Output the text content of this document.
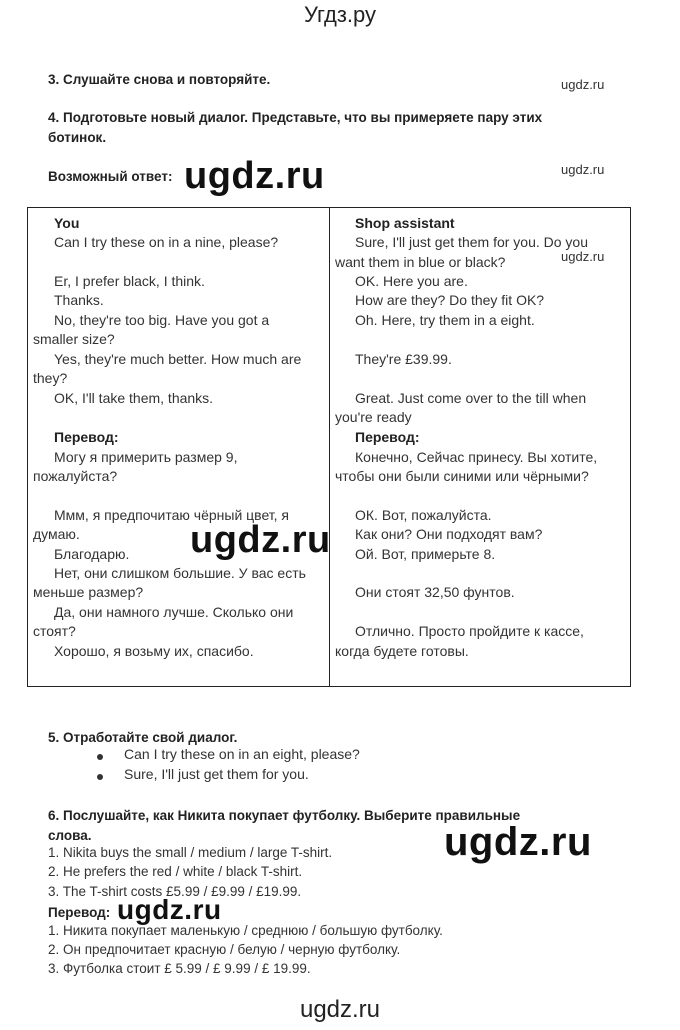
Угдз.ру
3. Слушайте снова и повторяйте.	ugdz.ru
4. Подготовьте новый диалог. Представьте, что вы примеряете пару этих
ботинок.
Возможный ответ: ugdz.ru	ugdz.ru
You
Can I try these on in a nine, please?
Er, I prefer black, I think.
Thanks.
No, they're too big. Have you got a
smaller size?
Yes, they're much better. How much are
they?
OK, I'll take them, thanks.
Перевод:
Могу я примерить размер 9,
пожалуйста?
Ммм, я предпочитаю чёрный цвет, я
думаю.
Благодарю.
Нет, они слишком большие. У вас есть
меньше размер?
Да, они намного лучше. Сколько они
стоят?
Хорошо, я возьму их, спасибо.
Shop assistant
Sure, I'll just get them for you. Do you
want them in blue or black?	ugdz.ru
OK. Here you are.
How are they? Do they fit OK?
Oh. Here, try them in a eight.
They're £39.99.
Great. Just come over to the till when
you're ready
Перевод:
Конечно, Сейчас принесу. Вы хотите,
чтобы они были синими или чёрными?
ОК. Вот, пожалуйста.
Как они? Они подходят вам?
Ой. Вот, примерьте 8.
Они стоят 32,50 фунтов.
Отлично. Просто пройдите к кассе,
когда будете готовы.
ugdz.ru
5. Отработайте свой диалог.
Can I try these on in an eight, please?
Sure, I'll just get them for you.
6. Послушайте, как Никита покупает футболку. Выберите правильные
слова.	ugdz.ru
1. Nikita buys the small / medium / large T-shirt.
2. He prefers the red / white / black T-shirt.
3. The T-shirt costs £5.99 / £9.99 / £19.99.
Перевод: ugdz.ru
1. Никита покупает маленькую / среднюю / большую футболку.
2. Он предпочитает красную / белую / черную футболку.
3. Футболка стоит £ 5.99 / £ 9.99 / £ 19.99.
ugdz.ru
